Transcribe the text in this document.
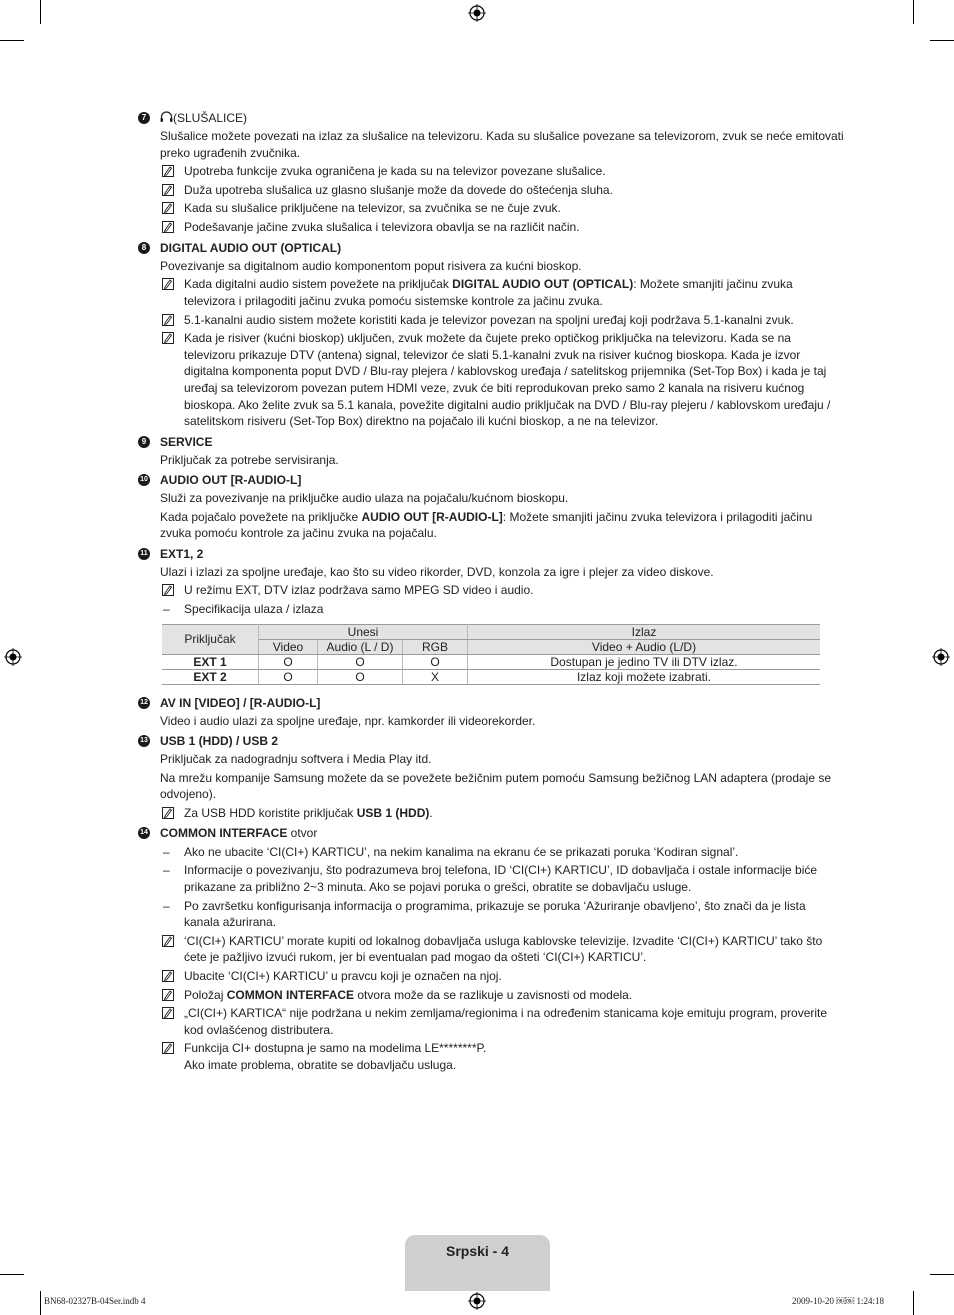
7	(SLUŠALICE)
Slušalice možete povezati na izlaz za slušalice na televizoru. Kada su slušalice povezane sa televizorom, zvuk se neće emitovati preko ugrađenih zvučnika.
Upotreba funkcije zvuka ograničena je kada su na televizor povezane slušalice.
Duža upotreba slušalica uz glasno slušanje može da dovede do oštećenja sluha.
Kada su slušalice priključene na televizor, sa zvučnika se ne čuje zvuk.
Podešavanje jačine zvuka slušalica i televizora obavlja se na različit način.
8	DIGITAL AUDIO OUT (OPTICAL)
Povezivanje sa digitalnom audio komponentom poput risivera za kućni bioskop.
Kada digitalni audio sistem povežete na priključak DIGITAL AUDIO OUT (OPTICAL): Možete smanjiti jačinu zvuka televizora i prilagoditi jačinu zvuka pomoću sistemske kontrole za jačinu zvuka.
5.1-kanalni audio sistem možete koristiti kada je televizor povezan na spoljni uređaj koji podržava 5.1-kanalni zvuk.
Kada je risiver (kućni bioskop) uključen, zvuk možete da čujete preko optičkog priključka na televizoru. Kada se na televizoru prikazuje DTV (antena) signal, televizor će slati 5.1-kanalni zvuk na risiver kućnog bioskopa. Kada je izvor digitalna komponenta poput DVD / Blu-ray plejera / kablovskog uređaja / satelitskog prijemnika (Set-Top Box) i kada je taj uređaj sa televizorom povezan putem HDMI veze, zvuk će biti reprodukovan preko samo 2 kanala na risiveru kućnog bioskopa. Ako želite zvuk sa 5.1 kanala, povežite digitalni audio priključak na DVD / Blu-ray plejeru / kablovskom uređaju / satelitskom risiveru (Set-Top Box) direktno na pojačalo ili kućni bioskop, a ne na televizor.
9	SERVICE
Priključak za potrebe servisiranja.
10 AUDIO OUT [R-AUDIO-L]
Služi za povezivanje na priključke audio ulaza na pojačalu/kućnom bioskopu.
Kada pojačalo povežete na priključke AUDIO OUT [R-AUDIO-L]: Možete smanjiti jačinu zvuka televizora i prilagoditi jačinu zvuka pomoću kontrole za jačinu zvuka na pojačalu.
11 EXT1, 2
Ulazi i izlazi za spoljne uređaje, kao što su video rikorder, DVD, konzola za igre i plejer za video diskove.
U režimu EXT, DTV izlaz podržava samo MPEG SD video i audio.
– Specifikacija ulaza / izlaza
Priključak	Unesi			Izlaz
	Video	Audio (L / D)	RGB	Video + Audio (L/D)
EXT 1	O	O	O	Dostupan je jedino TV ili DTV izlaz.
EXT 2	O	O	X	Izlaz koji možete izabrati.
12 AV IN [VIDEO] / [R-AUDIO-L]
Video i audio ulazi za spoljne uređaje, npr. kamkorder ili videorekorder.
13 USB 1 (HDD) / USB 2
Priključak za nadogradnju softvera i Media Play itd.
Na mrežu kompanije Samsung možete da se povežete bežičnim putem pomoću Samsung bežičnog LAN adaptera (prodaje se odvojeno).
Za USB HDD koristite priključak USB 1 (HDD).
14 COMMON INTERFACE otvor
– Ako ne ubacite ‘CI(CI+) KARTICU’, na nekim kanalima na ekranu će se prikazati poruka ‘Kodiran signal’.
– Informacije o povezivanju, što podrazumeva broj telefona, ID ‘CI(CI+) KARTICU’, ID dobavljača i ostale informacije biće prikazane za približno 2~3 minuta. Ako se pojavi poruka o grešci, obratite se dobavljaču usluge.
– Po završetku konfigurisanja informacija o programima, prikazuje se poruka ‘Ažuriranje obavljeno’, što znači da je lista kanala ažurirana.
‘CI(CI+) KARTICU’ morate kupiti od lokalnog dobavljača usluga kablovske televizije. Izvadite ‘CI(CI+) KARTICU’ tako što ćete je pažljivo izvući rukom, jer bi eventualan pad mogao da ošteti ‘CI(CI+) KARTICU’.
Ubacite ‘CI(CI+) KARTICU’ u pravcu koji je označen na njoj.
Položaj COMMON INTERFACE otvora može da se razlikuje u zavisnosti od modela.
„CI(CI+) KARTICA“ nije podržana u nekim zemljama/regionima i na određenim stanicama koje emituju program, proverite kod ovlašćenog distributera.
Funkcija CI+ dostupna je samo na modelima LE********P.
Ako imate problema, obratite se dobavljaču usluga.
Srpski - 4
BN68-02327B-04Ser.indb 4	2009-10-20 ￼￼ 1:24:18
